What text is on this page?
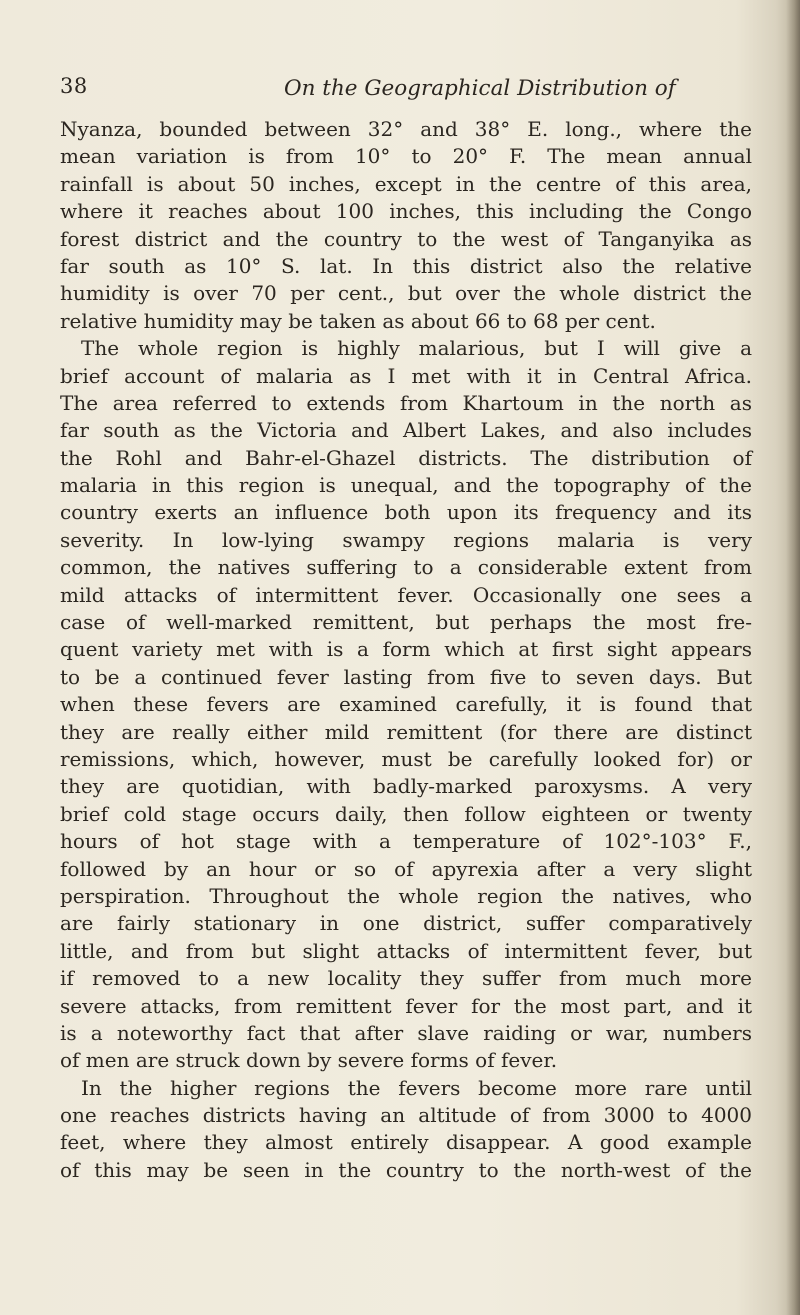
38	On the Geographical Distribution of
Nyanza, bounded between 32° and 38° E. long., where the
mean variation is from 10° to 20° F. The mean annual
rainfall is about 50 inches, except in the centre of this area,
where it reaches about 100 inches, this including the Congo
forest district and the country to the west of Tanganyika as
far south as 10° S. lat. In this district also the relative
humidity is over 70 per cent., but over the whole district the
relative humidity may be taken as about 66 to 68 per cent.
The whole region is highly malarious, but I will give a
brief account of malaria as I met with it in Central Africa.
The area referred to extends from Khartoum in the north as
far south as the Victoria and Albert Lakes, and also includes
the Rohl and Bahr-el-Ghazel districts. The distribution of
malaria in this region is unequal, and the topography of the
country exerts an influence both upon its frequency and its
severity. In low-lying swampy regions malaria is very
common, the natives suffering to a considerable extent from
mild attacks of intermittent fever. Occasionally one sees a
case of well-marked remittent, but perhaps the most fre-
quent variety met with is a form which at first sight appears
to be a continued fever lasting from five to seven days. But
when these fevers are examined carefully, it is found that
they are really either mild remittent (for there are distinct
remissions, which, however, must be carefully looked for) or
they are quotidian, with badly-marked paroxysms. A very
brief cold stage occurs daily, then follow eighteen or twenty
hours of hot stage with a temperature of 102°-103° F.,
followed by an hour or so of apyrexia after a very slight
perspiration. Throughout the whole region the natives, who
are fairly stationary in one district, suffer comparatively
little, and from but slight attacks of intermittent fever, but
if removed to a new locality they suffer from much more
severe attacks, from remittent fever for the most part, and it
is a noteworthy fact that after slave raiding or war, numbers
of men are struck down by severe forms of fever.
In the higher regions the fevers become more rare until
one reaches districts having an altitude of from 3000 to 4000
feet, where they almost entirely disappear. A good example
of this may be seen in the country to the north-west of the
